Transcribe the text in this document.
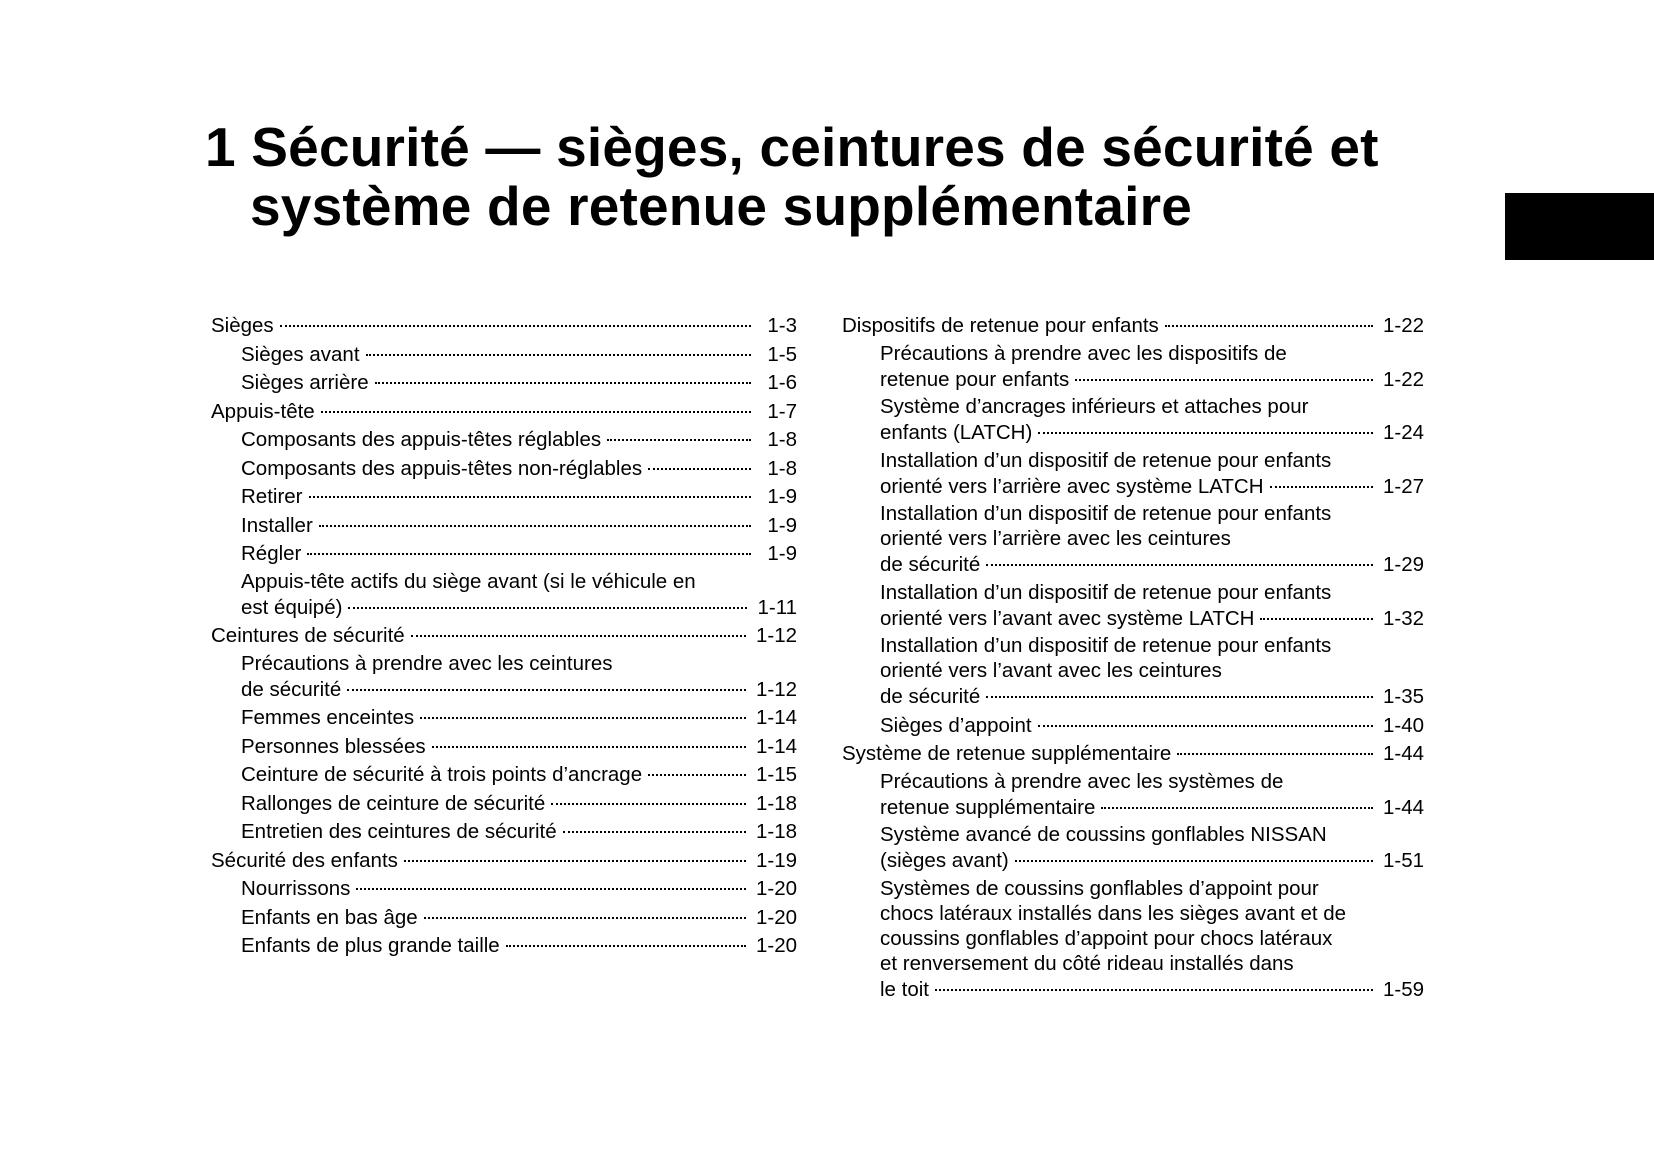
1 Sécurité — sièges, ceintures de sécurité et
système de retenue supplémentaire
Sièges	1-3
Sièges avant	1-5
Sièges arrière	1-6
Appuis-tête	1-7
Composants des appuis-têtes réglables	1-8
Composants des appuis-têtes non-réglables	1-8
Retirer	1-9
Installer	1-9
Régler	1-9
Appuis-tête actifs du siège avant (si le véhicule en
est équipé)	1-11
Ceintures de sécurité	1-12
Précautions à prendre avec les ceintures
de sécurité	1-12
Femmes enceintes	1-14
Personnes blessées	1-14
Ceinture de sécurité à trois points d’ancrage	1-15
Rallonges de ceinture de sécurité	1-18
Entretien des ceintures de sécurité	1-18
Sécurité des enfants	1-19
Nourrissons	1-20
Enfants en bas âge	1-20
Enfants de plus grande taille	1-20
Dispositifs de retenue pour enfants	1-22
Précautions à prendre avec les dispositifs de
retenue pour enfants	1-22
Système d’ancrages inférieurs et attaches pour
enfants (LATCH)	1-24
Installation d’un dispositif de retenue pour enfants
orienté vers l’arrière avec système LATCH	1-27
Installation d’un dispositif de retenue pour enfants
orienté vers l’arrière avec les ceintures
de sécurité	1-29
Installation d’un dispositif de retenue pour enfants
orienté vers l’avant avec système LATCH	1-32
Installation d’un dispositif de retenue pour enfants
orienté vers l’avant avec les ceintures
de sécurité	1-35
Sièges d’appoint	1-40
Système de retenue supplémentaire	1-44
Précautions à prendre avec les systèmes de
retenue supplémentaire	1-44
Système avancé de coussins gonflables NISSAN
(sièges avant)	1-51
Systèmes de coussins gonflables d’appoint pour
chocs latéraux installés dans les sièges avant et de
coussins gonflables d’appoint pour chocs latéraux
et renversement du côté rideau installés dans
le toit	1-59
